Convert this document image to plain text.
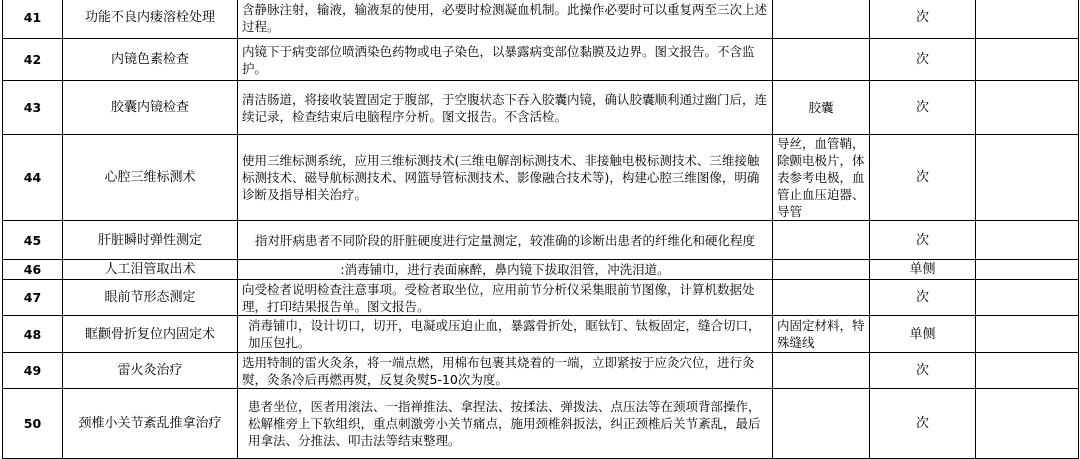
41	功能不良内瘘溶栓处理	含静脉注射，输液，输液泵的使用，必要时检测凝血机制。此操作必要时可以重复两至三次上述过程。		次	
42	内镜色素检查	内镜下于病变部位喷洒染色药物或电子染色，以暴露病变部位黏膜及边界。图文报告。不含监护。		次	
43	胶囊内镜检查	清洁肠道，将接收装置固定于腹部，于空腹状态下吞入胶囊内镜，确认胶囊顺利通过幽门后，连续记录，检查结束后电脑程序分析。图文报告。不含活检。	胶囊	次	
44	心腔三维标测术	使用三维标测系统，应用三维标测技术(三维电解剖标测技术、非接触电极标测技术、三维接触标测技术、磁导航标测技术、网篮导管标测技术、影像融合技术等)，构建心腔三维图像，明确诊断及指导相关治疗。	导丝，血管鞘，除颤电极片，体表参考电极，血管止血压迫器、导管	次	
45	肝脏瞬时弹性测定	指对肝病患者不同阶段的肝脏硬度进行定量测定，较准确的诊断出患者的纤维化和硬化程度		次	
46	人工泪管取出术	:消毒铺巾，进行表面麻醉，鼻内镜下拔取泪管，冲洗泪道。		单侧	
47	眼前节形态测定	向受检者说明检查注意事项。受检者取坐位，应用前节分析仪采集眼前节图像，计算机数据处理，打印结果报告单。图文报告。		次	
48	眶颧骨折复位内固定术	消毒铺巾，设计切口，切开，电凝或压迫止血，暴露骨折处，眶钛钉、钛板固定，缝合切口，加压包扎。	内固定材料，特殊缝线	单侧	
49	雷火灸治疗	选用特制的雷火灸条，将一端点燃，用棉布包裹其烧着的一端，立即紧按于应灸穴位，进行灸熨，灸条冷后再燃再熨，反复灸熨5-10次为度。		次	
50	颈椎小关节紊乱推拿治疗	患者坐位，医者用滚法、一指禅推法、拿捏法、按揉法、弹拨法、点压法等在颈项背部操作，松解椎旁上下软组织，重点刺激旁小关节痛点，施用颈椎斜扳法，纠正颈椎后关节紊乱，最后用拿法、分推法、叩击法等结束整理。		次	
